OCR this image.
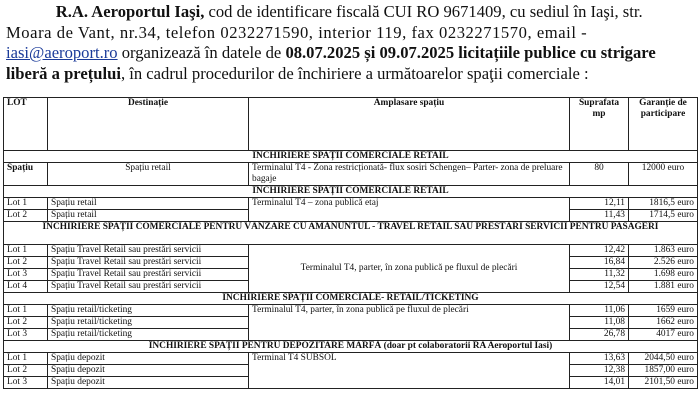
R.A. Aeroportul Iaşi, cod de identificare fiscală CUI RO 9671409, cu sediul în Iaşi, str.
Moara de Vant, nr.34, telefon 0232271590, interior 119, fax 0232271570, email -
iasi@aeroport.ro organizează în datele de 08.07.2025 și 09.07.2025 licitațiile publice cu strigare
liberă a prețului, în cadrul procedurilor de închiriere a următoarelor spaţii comerciale :
LOT	Destinație	Amplasare spațiu	Suprafata mp	Garanție de participare
ÎNCHIRIERE SPAȚII COMERCIALE RETAIL				
Spațiu	Spațiu retail	Terminalul T4 - Zona restricționată- flux sosiri Schengen– Parter- zona de preluare bagaje	80	12000 euro
ÎNCHIRIERE SPAȚII COMERCIALE RETAIL				
Lot 1	Spațiu retail	Terminalul T4 – zona publică etaj	12,11	1816,5 euro
Lot 2	Spațiu retail		11,43	1714,5 euro
ÎNCHIRIERE SPAȚII COMERCIALE PENTRU VÂNZARE CU AMĂNUNTUL - TRAVEL RETAIL SAU PRESTĂRI SERVICII PENTRU PASAGERI				
Lot 1	Spațiu Travel Retail sau prestări servicii	Terminalul T4, parter, în zona publică pe fluxul de plecări	12,42	1.863 euro
Lot 2	Spațiu Travel Retail sau prestări servicii		16,84	2.526 euro
Lot 3	Spațiu Travel Retail sau prestări servicii		11,32	1.698 euro
Lot 4	Spațiu Travel Retail sau prestări servicii		12,54	1.881 euro
ÎNCHIRIERE SPAȚII COMERCIALE- RETAIL/TICKETING				
Lot 1	Spațiu retail/ticketing	Terminalul T4, parter, în zona publică pe fluxul de plecări	11,06	1659 euro
Lot 2	Spațiu retail/ticketing		11,08	1662 euro
Lot 3	Spațiu retail/ticketing		26,78	4017 euro
ÎNCHIRIERE SPAȚII PENTRU DEPOZITARE MARFĂ (doar pt colaboratorii RA Aeroportul Iasi)				
Lot 1	Spațiu depozit	Terminal T4 SUBSOL	13,63	2044,50 euro
Lot 2	Spațiu depozit		12,38	1857,00 euro
Lot 3	Spațiu depozit		14,01	2101,50 euro
